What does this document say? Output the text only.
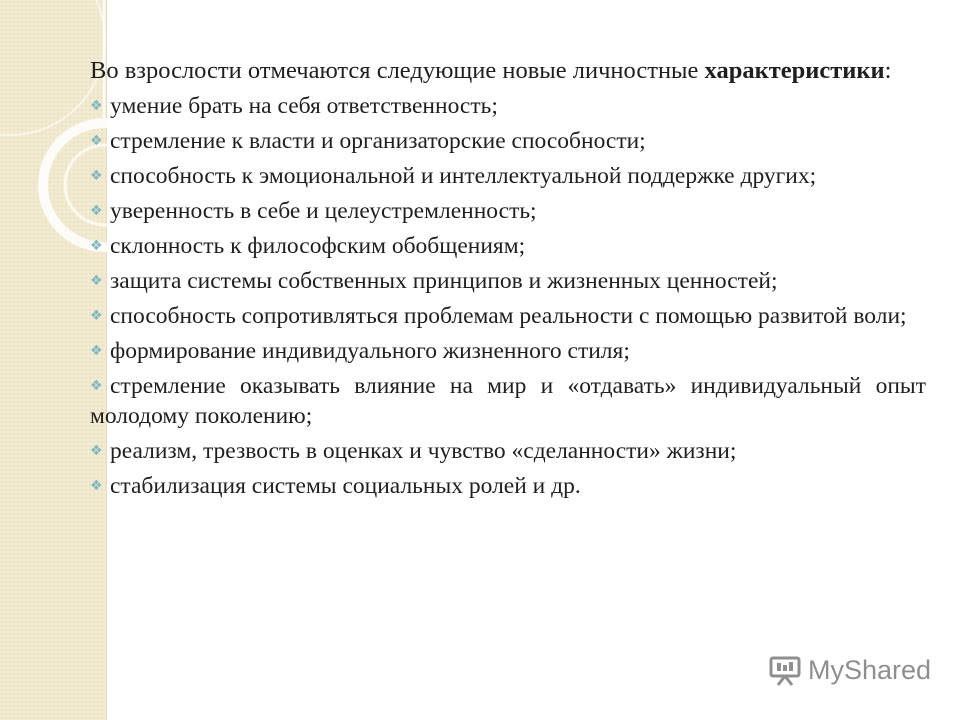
Во взрослости отмечаются следующие новые личностные характеристики:

❖ умение брать на себя ответственность;
❖ стремление к власти и организаторские способности;
❖ способность к эмоциональной и интеллектуальной поддержке других;
❖ уверенность в себе и целеустремленность;
❖ склонность к философским обобщениям;
❖ защита системы собственных принципов и жизненных ценностей;
❖ способность сопротивляться проблемам реальности с помощью развитой воли;
❖ формирование индивидуального жизненного стиля;
❖ стремление оказывать влияние на мир и «отдавать» индивидуальный опыт молодому поколению;
❖ реализм, трезвость в оценках и чувство «сделанности» жизни;
❖ стабилизация системы социальных ролей и др.
MyShared
